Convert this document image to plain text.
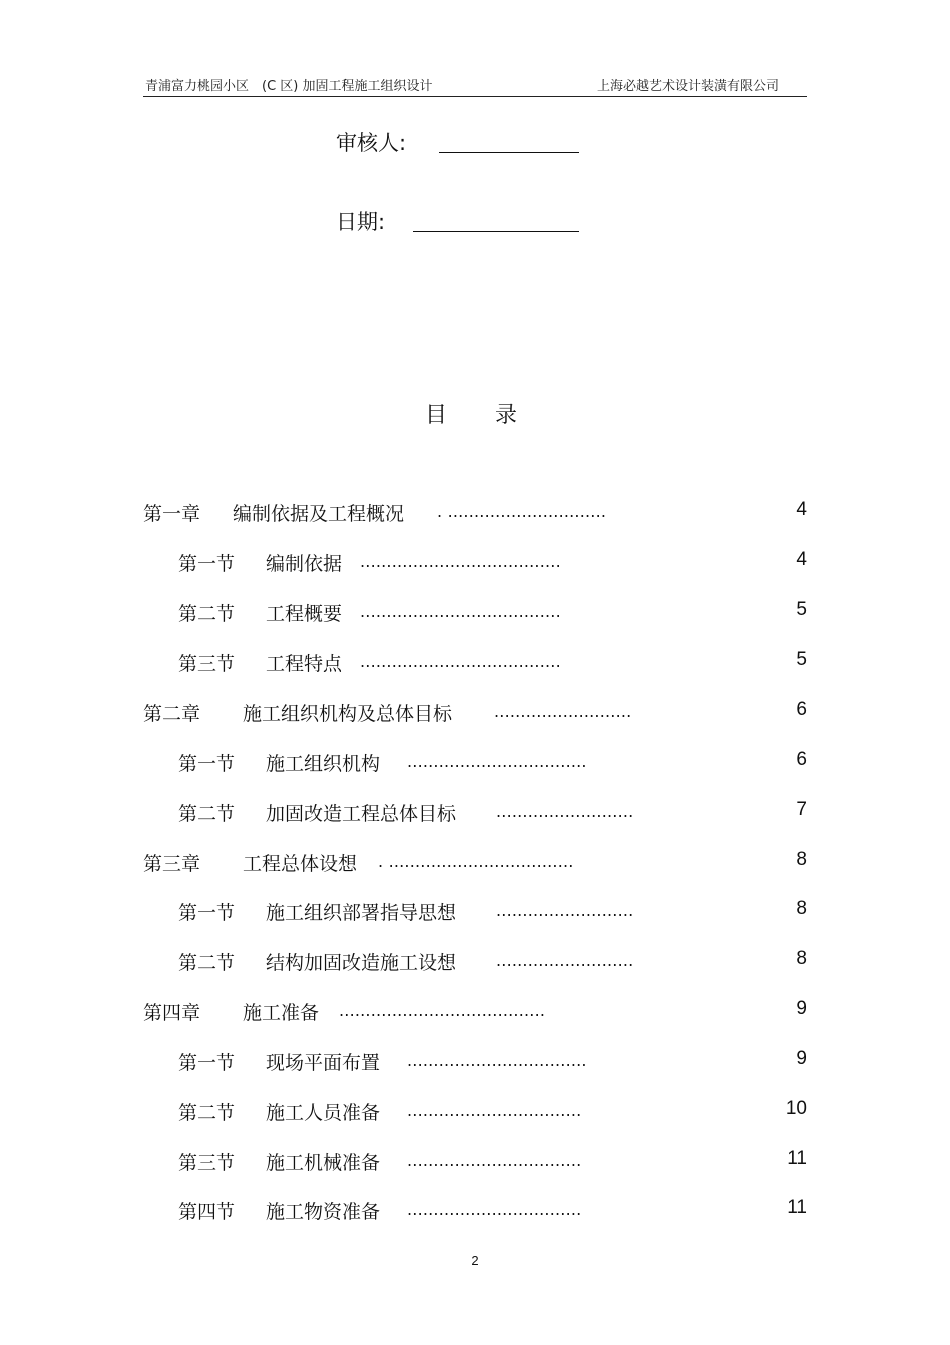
青浦富力桃园小区　(C 区) 加固工程施工组织设计	上海必越艺术设计装潢有限公司
审核人:
日期:
目 录
第一章 编制依据及工程概况 . ..............................	4
第一节 编制依据 ......................................	4
第二节 工程概要 ......................................	5
第三节 工程特点 ......................................	5
第二章 施工组织机构及总体目标	..........................	6
第一节 施工组织机构 ..................................	6
第二节 加固改造工程总体目标 ..........................	7
第三章 工程总体设想 . ...................................	8
第一节 施工组织部署指导思想 ..........................	8
第二节 结构加固改造施工设想 ..........................	8
第四章 施工准备 .......................................	9
第一节 现场平面布置 ..................................	9
第二节 施工人员准备 .................................	10
第三节 施工机械准备 .................................	11
第四节 施工物资准备 .................................	11
2
